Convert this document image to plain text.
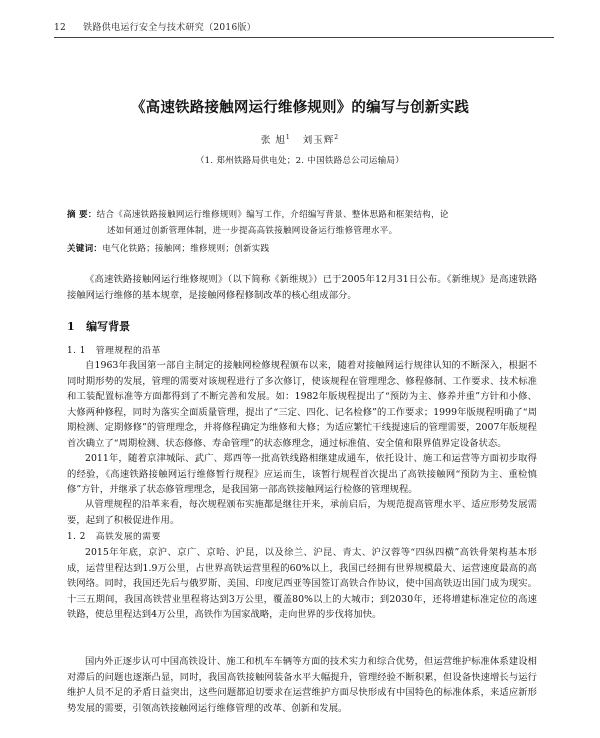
12 铁路供电运行安全与技术研究（2016版）
《高速铁路接触网运行维修规则》的编写与创新实践
张 旭$^1$ 刘玉辉$^2$
（1. 郑州铁路局供电处；2. 中国铁路总公司运输局）
摘 要：结合《高速铁路接触网运行维修规则》编写工作，介绍编写背景、整体思路和框架结构，论
述如何通过创新管理体制，进一步提高高铁接触网设备运行维修管理水平。
关键词：电气化铁路；接触网；维修规则；创新实践

《高速铁路接触网运行维修规则》（以下简称《新维规》）已于2005年12月31日公布。《新维规》是高速铁路接触网运行维修的基本规章，是接触网修程修制改革的核心组成部分。

1 编写背景
1. 1 管理规程的沿革

自1963年我国第一部自主制定的接触网检修规程颁布以来，随着对接触网运行规律认知的不断深入，根据不同时期形势的发展，管理的需要对该规程进行了多次修订，使该规程在管理理念、修程修制、工作要求、技术标准和工装配置标准等方面都得到了不断完善和发展。如：1982年版规程提出了“预防为主、修养并重”方针和小修、大修两种修程，同时为落实全面质量管理，提出了“三定、四化、记名检修”的工作要求；1999年版规程明确了“周期检测、定期修修”的管理理念，并将修程确定为维修和大修；为适应繁忙干线提速后的管理需要，2007年版规程首次确立了“周期检测、状态修修、寿命管理”的状态修理念，通过标准值、安全值和限界值界定设备状态。

2011年，随着京津城际、武广、郑西等一批高铁线路相继建成通车，依托设计、施工和运营等方面初步取得的经验，《高速铁路接触网运行维修暂行规程》应运而生，该暂行规程首次提出了高铁接触网“预防为主、重检慎修”方针，并继承了状态修管理理念，是我国第一部高铁接触网运行检修的管理规程。

从管理规程的沿革来看，每次规程颁布实施都是继往开来，承前启后，为规范提高管理水平、适应形势发展需要，起到了积极促进作用。

1. 2 高铁发展的需要

2015年年底，京沪、京广、京哈、沪昆，以及徐兰、沪昆、青太、沪汉蓉等“四纵四横”高铁骨架构基本形成，运营里程达到1.9万公里，占世界高铁运营里程的60%以上，我国已经拥有世界规模最大、运营速度最高的高铁网络。同时，我国还先后与俄罗斯、美国、印度尼西亚等国签订高铁合作协议，使中国高铁迈出国门成为现实。十三五期间，我国高铁营业里程将达到3万公里，覆盖80%以上的大城市；到2030年，还将增建标准定位的高速铁路，使总里程达到4万公里，高铁作为国家战略，走向世界的步伐将加快。

国内外正逐步认可中国高铁设计、施工和机车车辆等方面的技术实力和综合优势，但运营维护标准体系建设相对滞后的问题也逐渐凸显，同时，我国高铁接触网装备水平大幅提升，管理经验不断积累，但设备快速增长与运行维护人员不足的矛盾日益突出，这些问题都迫切要求在运营维护方面尽快形成有中国特色的标准体系，来适应新形势发展的需要，引领高铁接触网运行维修管理的改革、创新和发展。
